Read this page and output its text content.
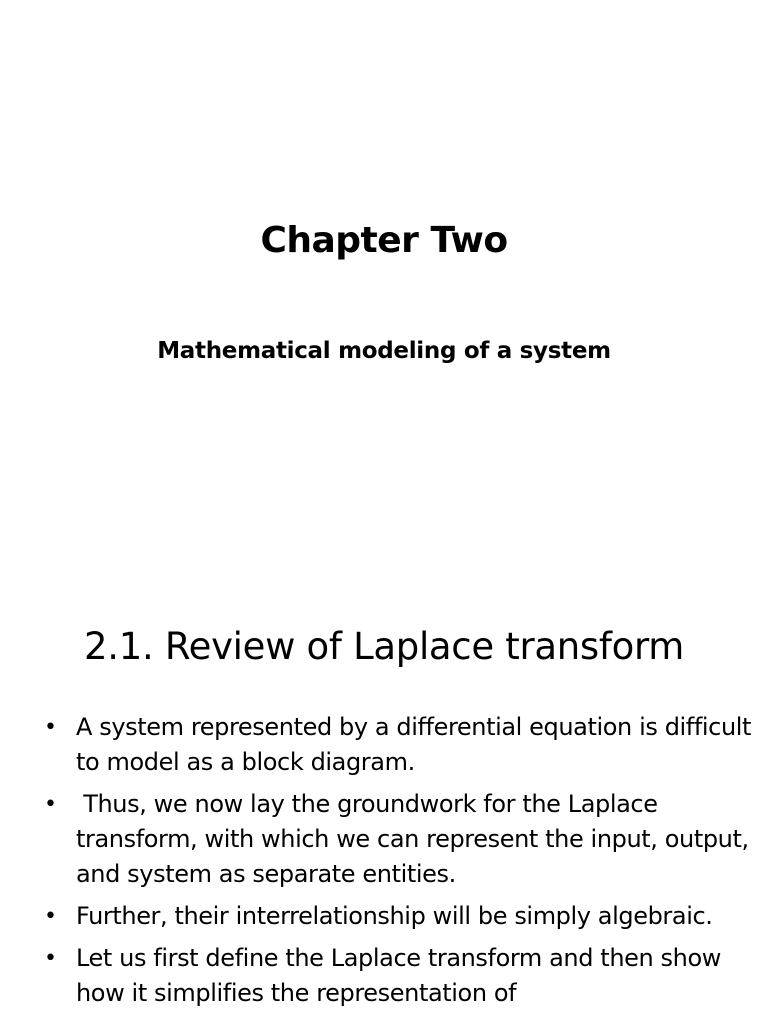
Chapter Two
Mathematical modeling of a system
2.1. Review of Laplace transform
• A system represented by a differential equation is difficult to model as a block diagram.
• Thus, we now lay the groundwork for the Laplace transform, with which we can represent the input, output, and system as separate entities.
• Further, their interrelationship will be simply algebraic.
• Let us first define the Laplace transform and then show how it simplifies the representation of
